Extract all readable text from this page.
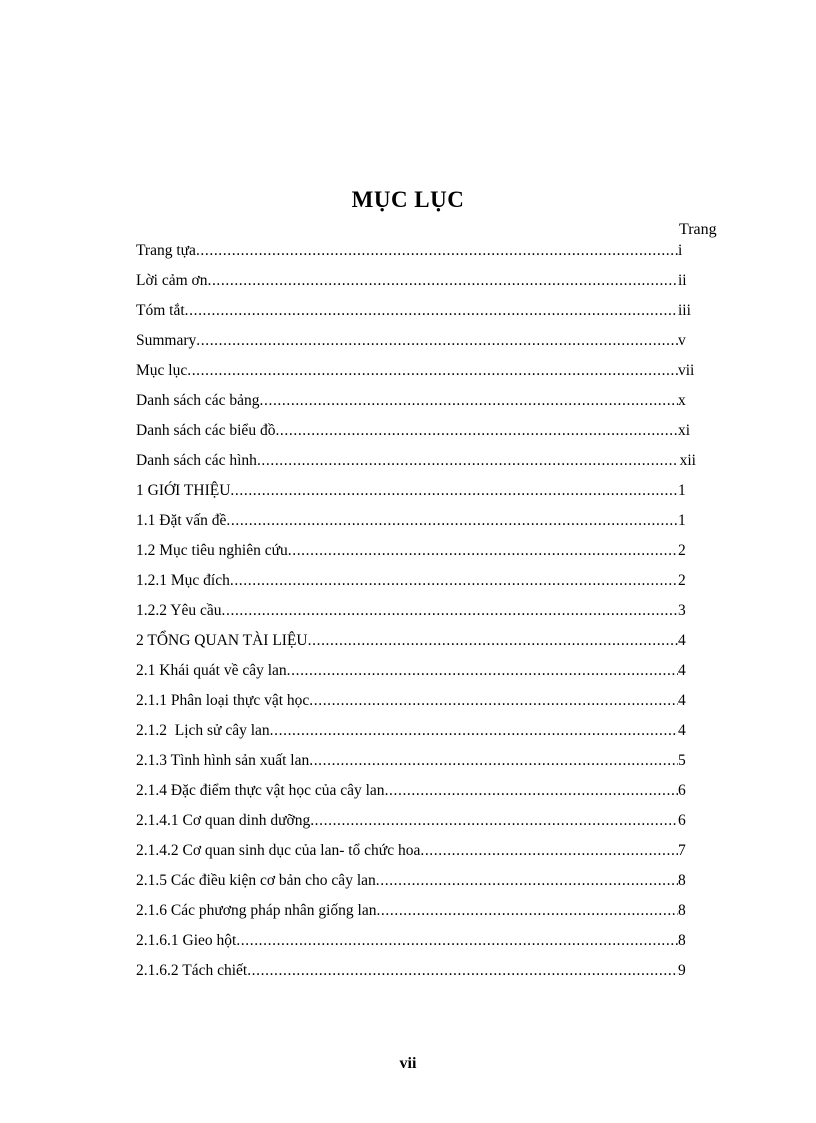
MỤC LỤC
Trang
Trang tựa .....	i
Lời cảm ơn .....	ii
Tóm tắt .....	iii
Summary .....	v
Mục lục .....	vii
Danh sách các bảng .....	x
Danh sách các biểu đồ .....	xi
Danh sách các hình .....	xii
1 GIỚI THIỆU .....	1
1.1 Đặt vấn đề .....	1
1.2 Mục tiêu nghiên cứu .....	2
1.2.1 Mục đích .....	2
1.2.2 Yêu cầu .....	3
2 TỔNG QUAN TÀI LIỆU .....	4
2.1 Khái quát về cây lan .....	4
2.1.1 Phân loại thực vật học .....	4
2.1.2  Lịch sử cây lan .....	4
2.1.3 Tình hình sản xuất lan .....	5
2.1.4 Đặc điểm thực vật học của cây lan .....	6
2.1.4.1 Cơ quan dinh dưỡng .....	6
2.1.4.2 Cơ quan sinh dục của lan- tổ chức hoa .....	7
2.1.5 Các điều kiện cơ bản cho cây lan .....	8
2.1.6 Các phương pháp nhân giống lan .....	8
2.1.6.1 Gieo hột .....	8
2.1.6.2 Tách chiết .....	9
vii
